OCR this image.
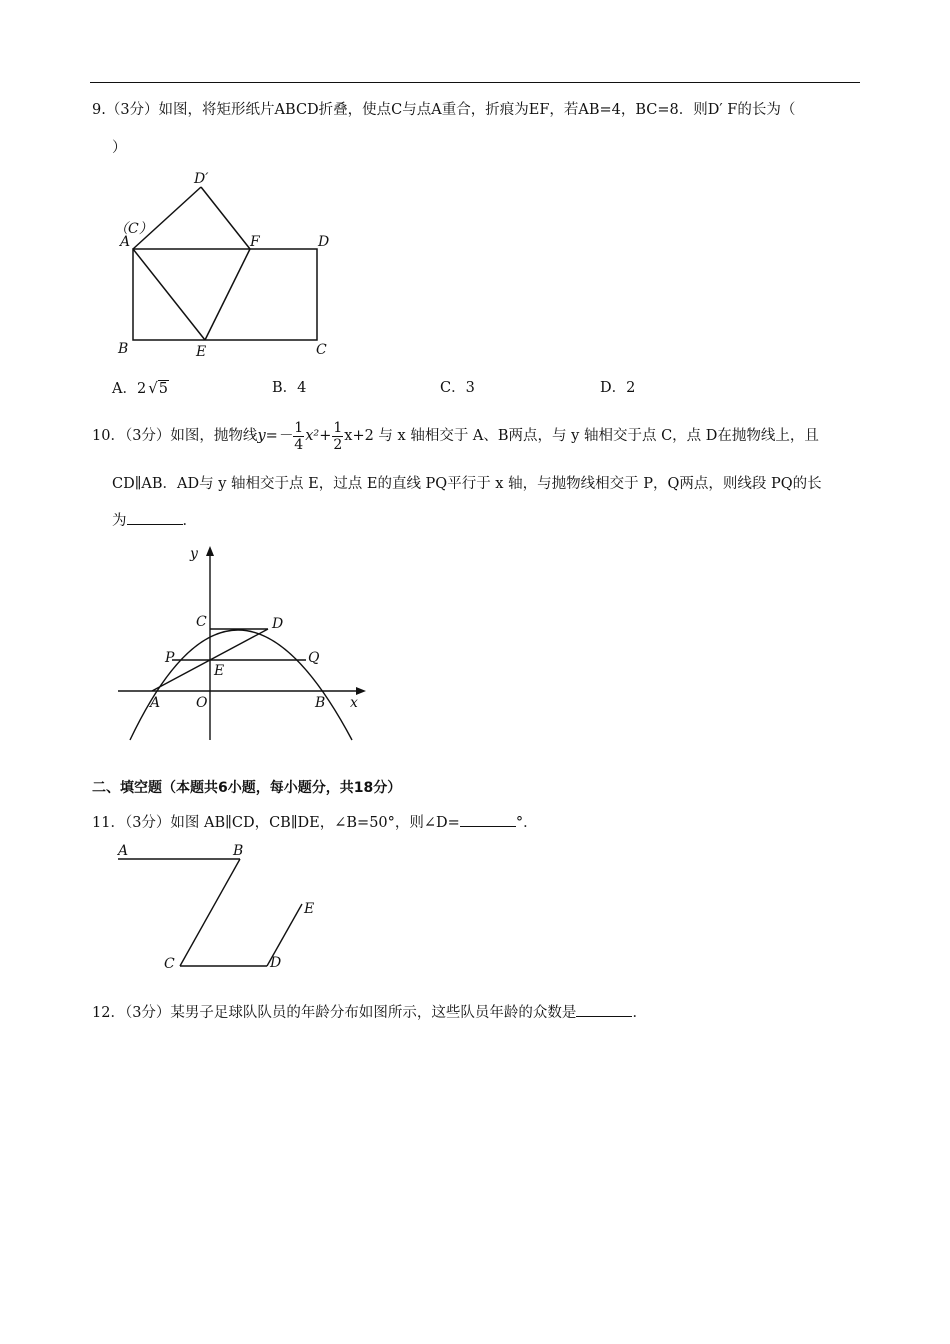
9.（3分）如图，将矩形纸片ABCD折叠，使点C与点A重合，折痕为EF，若AB=4，BC=8．则D′ F的长为（
）
D′
（C）
A	F	D
B	E	C
A．2 √5	B．4	C．3	D．2
10．（3分）如图，抛物线$y=- \frac{1}{4} x^2+ \frac{1}{2} x+2$ 与 x 轴相交于 A、B两点，与 y 轴相交于点 C，点 D在抛物线上，且
CD∥AB．AD与 y 轴相交于点 E，过点 E的直线 PQ平行于 x 轴，与抛物线相交于 P，Q两点，则线段 PQ的长
为	．
y
x
C	D
P	Q
E
A	O	B
二、填空题（本题共6小题，每小题分，共18分）
11．（3分）如图 AB∥CD，CB∥DE，∠B=50°，则∠D=	°．
A	B
C	D
E
12．（3分）某男子足球队队员的年龄分布如图所示，这些队员年龄的众数是	．
